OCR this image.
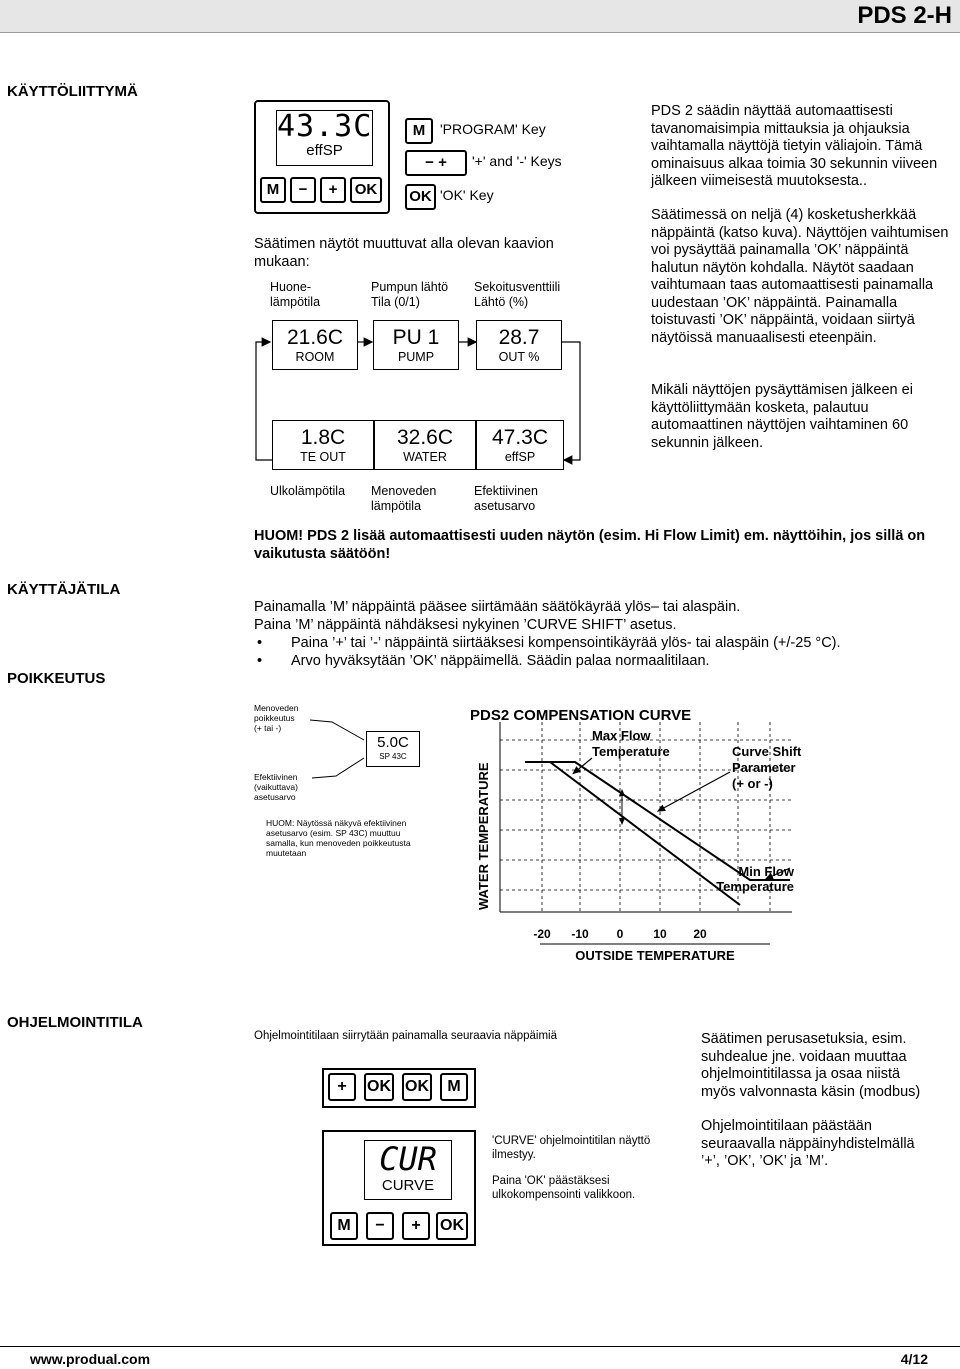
PDS 2-H
KÄYTTÖLIITTYMÄ
KÄYTTÄJÄTILA
POIKKEUTUS
OHJELMOINTITILA
43.3C
effSP
M	−	+	OK
M	'PROGRAM' Key
− +	'+' and '-' Keys
OK 'OK' Key
Säätimen näytöt muuttuvat alla olevan kaavion mukaan:
Huone-
lämpötila
Pumpun lähtö
Tila (0/1)
Sekoitusventtiili
Lähtö (%)
21.6C
ROOM
PU 1
PUMP
28.7
OUT %
1.8C
TE OUT
32.6C
WATER
47.3C
effSP
Ulkolämpötila	Menoveden
lämpötila
Efektiivinen
asetusarvo
PDS 2 säädin näyttää automaattisesti tavanomaisimpia mittauksia ja ohjauksia vaihtamalla näyttöjä tietyin väliajoin. Tämä ominaisuus alkaa toimia 30 sekunnin viiveen jälkeen viimeisestä muutoksesta..
Säätimessä on neljä (4) kosketusherkkää näppäintä (katso kuva). Näyttöjen vaihtumisen voi pysäyttää painamalla ’OK’ näppäintä halutun näytön kohdalla. Näytöt saadaan vaihtumaan taas automaattisesti painamalla uudestaan ’OK’ näppäintä. Painamalla toistuvasti ’OK’ näppäintä, voidaan siirtyä näytöissä manuaalisesti eteenpäin.
Mikäli näyttöjen pysäyttämisen jälkeen ei käyttöliittymään kosketa, palautuu automaattinen näyttöjen vaihtaminen 60 sekunnin jälkeen.
HUOM! PDS 2 lisää automaattisesti uuden näytön (esim. Hi Flow Limit) em. näyttöihin, jos sillä on vaikutusta säätöön!
Painamalla ’M’ näppäintä pääsee siirtämään säätökäyrää ylös– tai alaspäin.
Paina ’M’ näppäintä nähdäksesi nykyinen ’CURVE SHIFT’ asetus.
• Paina ’+’ tai ’-’ näppäintä siirtääksesi kompensointikäyrää ylös- tai alaspäin (+/-25 °C).
• Arvo hyväksytään ’OK’ näppäimellä. Säädin palaa normaalitilaan.
Menoveden
poikkeutus
(+ tai -)
Efektiivinen
(vaikuttava)
asetusarvo
5.0C
SP 43C
HUOM: Näytössä näkyvä efektiivinen asetusarvo (esim. SP 43C) muuttuu samalla, kun menoveden poikkeutusta muutetaan
PDS2 COMPENSATION CURVE
WATER TEMPERATURE
Max Flow
Temperature	Curve Shift
Parameter
(+ or -)
Min Flow
Temperature
-20 -10 0 10 20
OUTSIDE TEMPERATURE
Ohjelmointitilaan siirrytään painamalla seuraavia näppäimiä
+	OK OK	M
CUR
CURVE
M	−	+	OK
'CURVE' ohjelmointitilan näyttö ilmestyy.
Paina 'OK' päästäksesi ulkokompensointi valikkoon.
Säätimen perusasetuksia, esim. suhdealue jne. voidaan muuttaa ohjelmointitilassa ja osaa niistä myös valvonnasta käsin (modbus)
Ohjelmointitilaan päästään seuraavalla näppäinyhdistelmällä ’+’, ’OK’, ’OK’ ja ’M’.
www.produal.com	4/12
